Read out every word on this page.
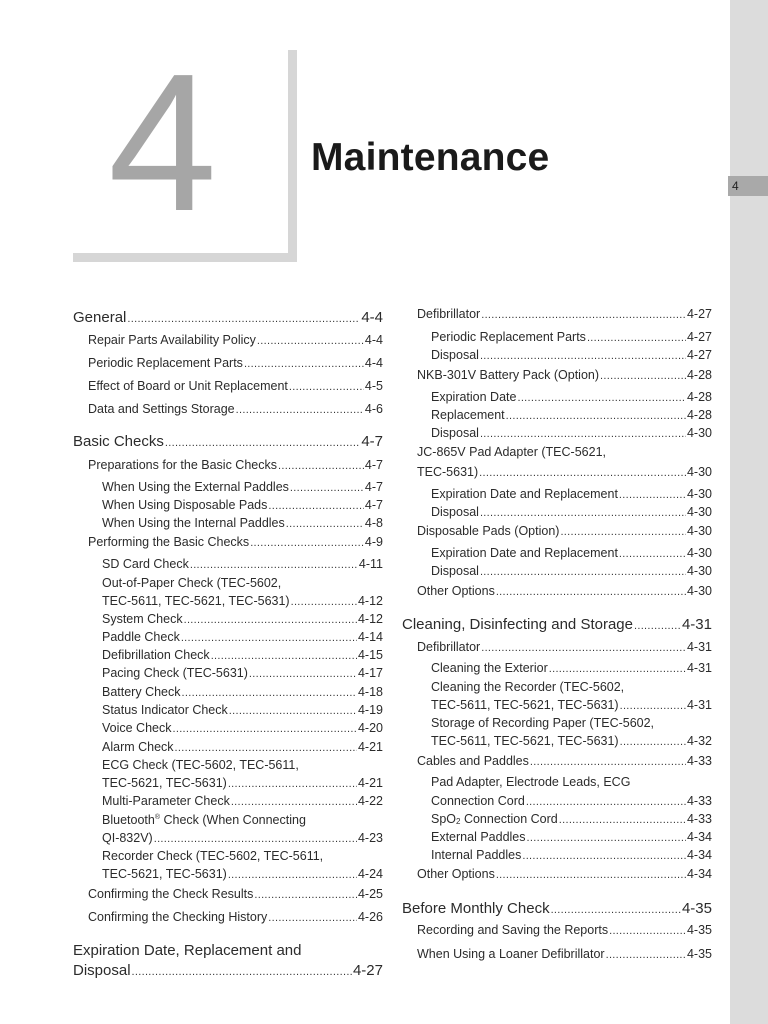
4
4	Maintenance
General .....	4-4
Repair Parts Availability Policy .....	4-4
Periodic Replacement Parts .....	4-4
Effect of Board or Unit Replacement .....	4-5
Data and Settings Storage .....	4-6
Basic Checks .....	4-7
Preparations for the Basic Checks .....	4-7
When Using the External Paddles .....	4-7
When Using Disposable Pads .....	4-7
When Using the Internal Paddles .....	4-8
Performing the Basic Checks .....	4-9
SD Card Check .....	4-11
Out-of-Paper Check (TEC-5602,
TEC-5611, TEC-5621, TEC-5631) .....	4-12
System Check .....	4-12
Paddle Check .....	4-14
Defibrillation Check .....	4-15
Pacing Check (TEC-5631) .....	4-17
Battery Check .....	4-18
Status Indicator Check .....	4-19
Voice Check .....	4-20
Alarm Check .....	4-21
ECG Check (TEC-5602, TEC-5611,
TEC-5621, TEC-5631) .....	4-21
Multi-Parameter Check .....	4-22
Bluetooth® Check (When Connecting
QI-832V) .....	4-23
Recorder Check (TEC-5602, TEC-5611,
TEC-5621, TEC-5631) .....	4-24
Confirming the Check Results .....	4-25
Confirming the Checking History .....	4-26
Expiration Date, Replacement and
Disposal .....	4-27
Defibrillator .....	4-27
Periodic Replacement Parts .....	4-27
Disposal .....	4-27
NKB-301V Battery Pack (Option) .....	4-28
Expiration Date .....	4-28
Replacement .....	4-28
Disposal .....	4-30
JC-865V Pad Adapter (TEC-5621,
TEC-5631) .....	4-30
Expiration Date and Replacement .....	4-30
Disposal .....	4-30
Disposable Pads (Option) .....	4-30
Expiration Date and Replacement .....	4-30
Disposal .....	4-30
Other Options .....	4-30
Cleaning, Disinfecting and Storage .....	4-31
Defibrillator .....	4-31
Cleaning the Exterior .....	4-31
Cleaning the Recorder (TEC-5602,
TEC-5611, TEC-5621, TEC-5631) .....	4-31
Storage of Recording Paper (TEC-5602,
TEC-5611, TEC-5621, TEC-5631) .....	4-32
Cables and Paddles .....	4-33
Pad Adapter, Electrode Leads, ECG
Connection Cord .....	4-33
SpO$_2$ Connection Cord .....	4-33
External Paddles .....	4-34
Internal Paddles .....	4-34
Other Options .....	4-34
Before Monthly Check .....	4-35
Recording and Saving the Reports .....	4-35
When Using a Loaner Defibrillator .....	4-35
